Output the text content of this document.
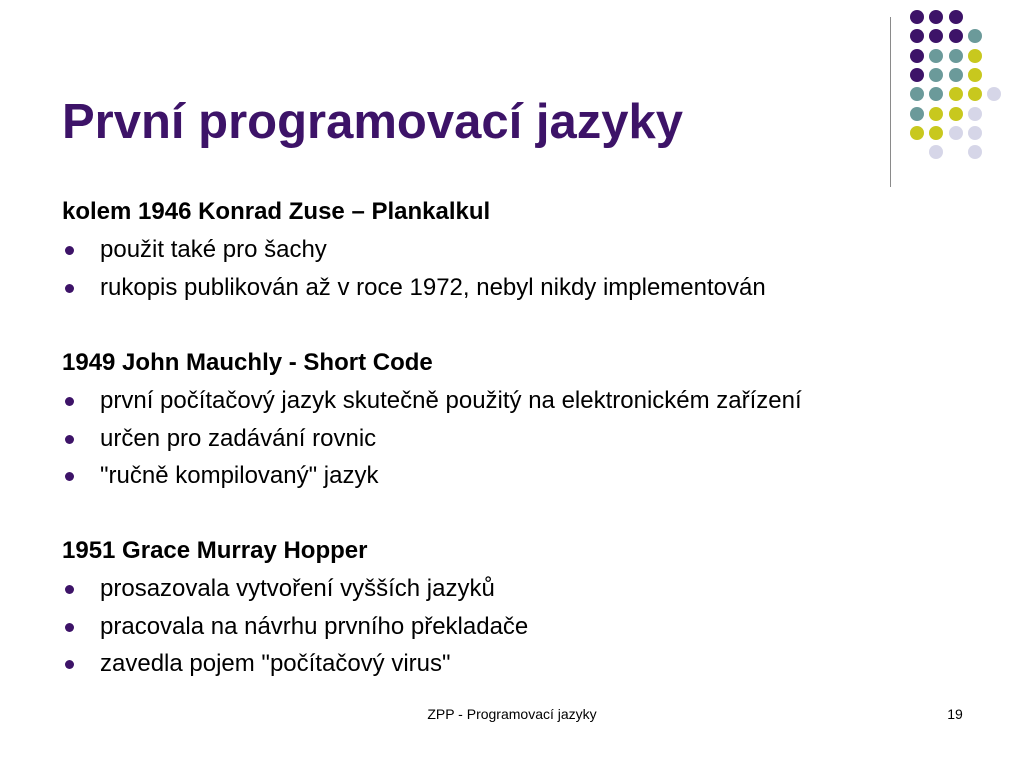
První programovací jazyky
kolem 1946 Konrad Zuse – Plankalkul
použit také pro šachy
rukopis publikován až v roce 1972, nebyl nikdy implementován
1949 John Mauchly - Short Code
první počítačový jazyk skutečně použitý na elektronickém zařízení
určen pro zadávání rovnic
"ručně kompilovaný" jazyk
1951 Grace Murray Hopper
prosazovala vytvoření vyšších jazyků
pracovala na návrhu prvního překladače
zavedla pojem "počítačový virus"
ZPP - Programovací jazyky	19
